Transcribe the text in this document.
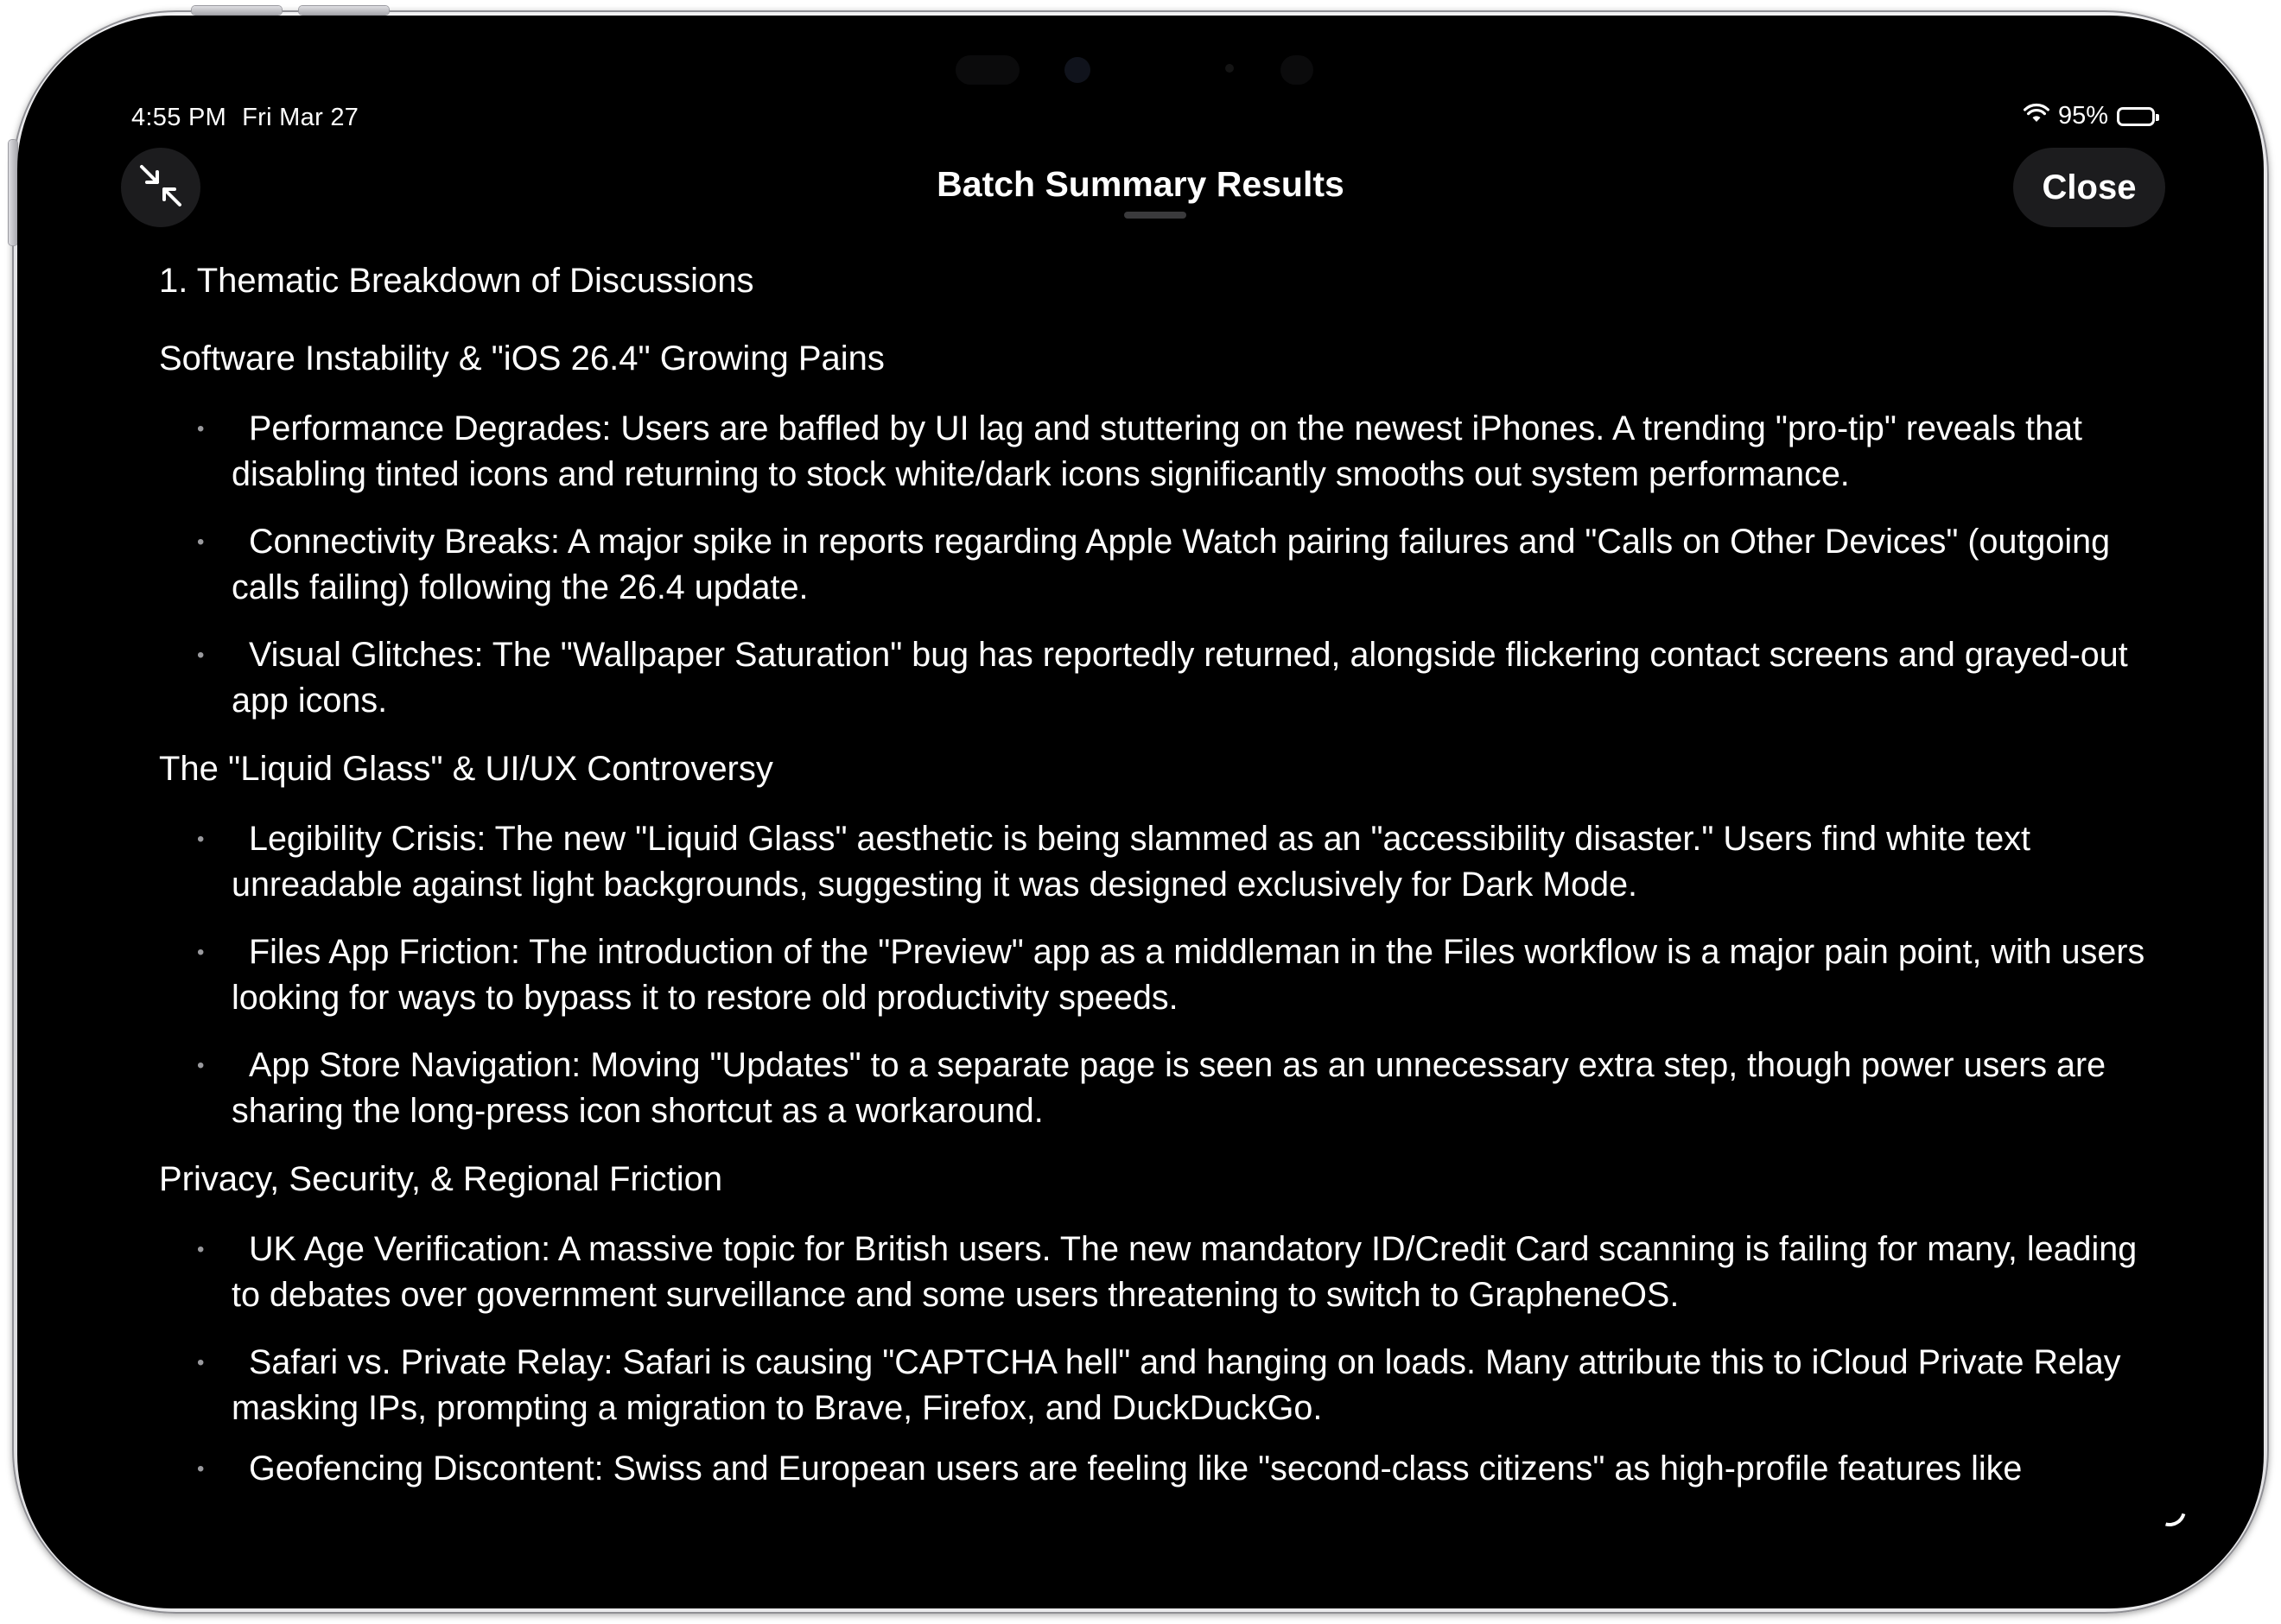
4:55 PM Fri Mar 27	95%
Batch Summary Results	Close
1. Thematic Breakdown of Discussions
Software Instability & "iOS 26.4" Growing Pains
• Performance Degrades: Users are baffled by UI lag and stuttering on the newest iPhones. A trending "pro-tip" reveals that disabling tinted icons and returning to stock white/dark icons significantly smooths out system performance.
• Connectivity Breaks: A major spike in reports regarding Apple Watch pairing failures and "Calls on Other Devices" (outgoing calls failing) following the 26.4 update.
• Visual Glitches: The "Wallpaper Saturation" bug has reportedly returned, alongside flickering contact screens and grayed-out app icons.
The "Liquid Glass" & UI/UX Controversy
• Legibility Crisis: The new "Liquid Glass" aesthetic is being slammed as an "accessibility disaster." Users find white text unreadable against light backgrounds, suggesting it was designed exclusively for Dark Mode.
• Files App Friction: The introduction of the "Preview" app as a middleman in the Files workflow is a major pain point, with users looking for ways to bypass it to restore old productivity speeds.
• App Store Navigation: Moving "Updates" to a separate page is seen as an unnecessary extra step, though power users are sharing the long-press icon shortcut as a workaround.
Privacy, Security, & Regional Friction
• UK Age Verification: A massive topic for British users. The new mandatory ID/Credit Card scanning is failing for many, leading to debates over government surveillance and some users threatening to switch to GrapheneOS.
• Safari vs. Private Relay: Safari is causing "CAPTCHA hell" and hanging on loads. Many attribute this to iCloud Private Relay masking IPs, prompting a migration to Brave, Firefox, and DuckDuckGo.
• Geofencing Discontent: Swiss and European users are feeling like "second-class citizens" as high-profile features like
